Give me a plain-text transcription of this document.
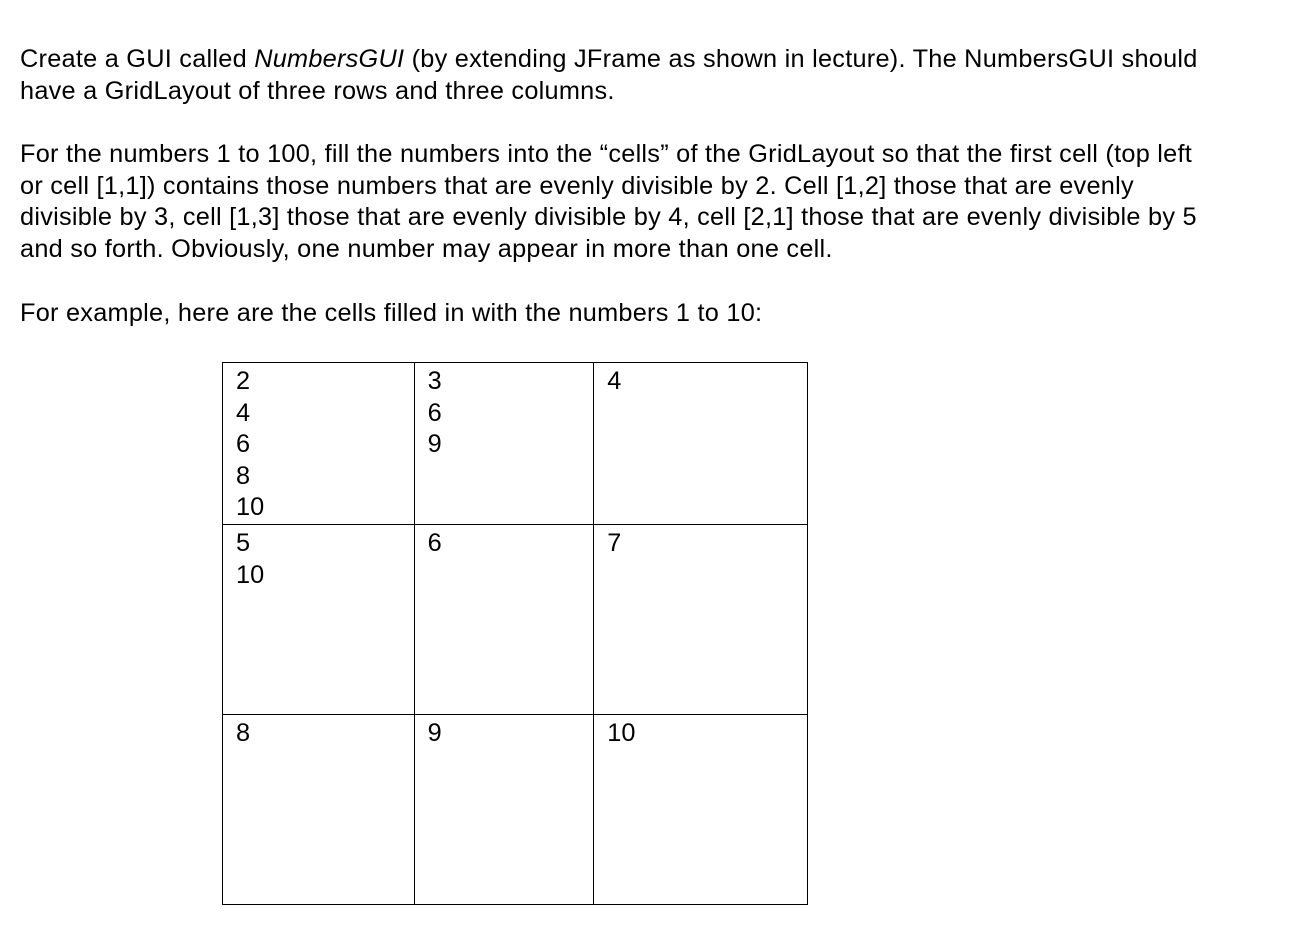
Create a GUI called NumbersGUI (by extending JFrame as shown in lecture). The NumbersGUI should
have a GridLayout of three rows and three columns.

For the numbers 1 to 100, fill the numbers into the “cells” of the GridLayout so that the first cell (top left
or cell [1,1]) contains those numbers that are evenly divisible by 2. Cell [1,2] those that are evenly
divisible by 3, cell [1,3] those that are evenly divisible by 4, cell [2,1] those that are evenly divisible by 5
and so forth. Obviously, one number may appear in more than one cell.

For example, here are the cells filled in with the numbers 1 to 10:

2
4
6
8
10	3
6
9	4

5
10	6	7

8	9	10
